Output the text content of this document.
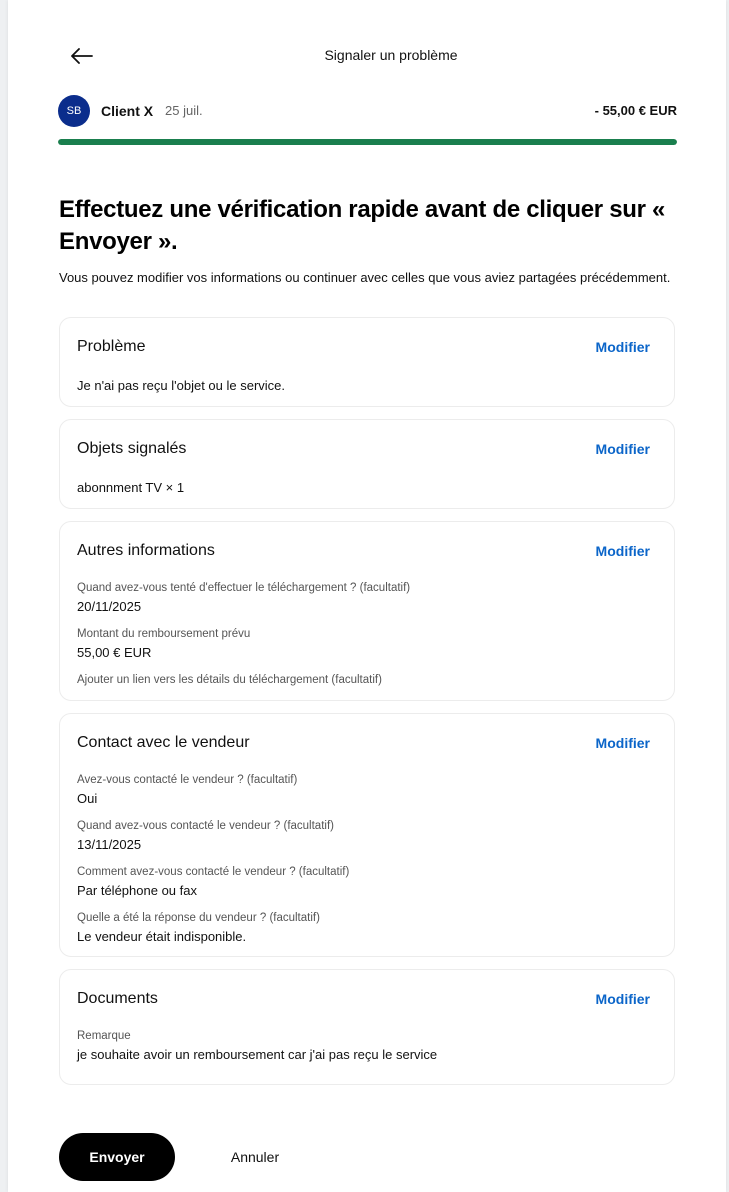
Signaler un problème
SB	Client X 25 juil.	- 55,00 € EUR
Effectuez une vérification rapide avant de cliquer sur « Envoyer ».
Vous pouvez modifier vos informations ou continuer avec celles que vous aviez partagées précédemment.
Problème	Modifier
Je n'ai pas reçu l'objet ou le service.
Objets signalés	Modifier
abonnment TV × 1
Autres informations	Modifier
Quand avez-vous tenté d'effectuer le téléchargement ? (facultatif)
20/11/2025
Montant du remboursement prévu
55,00 € EUR
Ajouter un lien vers les détails du téléchargement (facultatif)
Contact avec le vendeur	Modifier
Avez-vous contacté le vendeur ? (facultatif)
Oui
Quand avez-vous contacté le vendeur ? (facultatif)
13/11/2025
Comment avez-vous contacté le vendeur ? (facultatif)
Par téléphone ou fax
Quelle a été la réponse du vendeur ? (facultatif)
Le vendeur était indisponible.
Documents	Modifier
Remarque
je souhaite avoir un remboursement car j'ai pas reçu le service
Envoyer	Annuler
